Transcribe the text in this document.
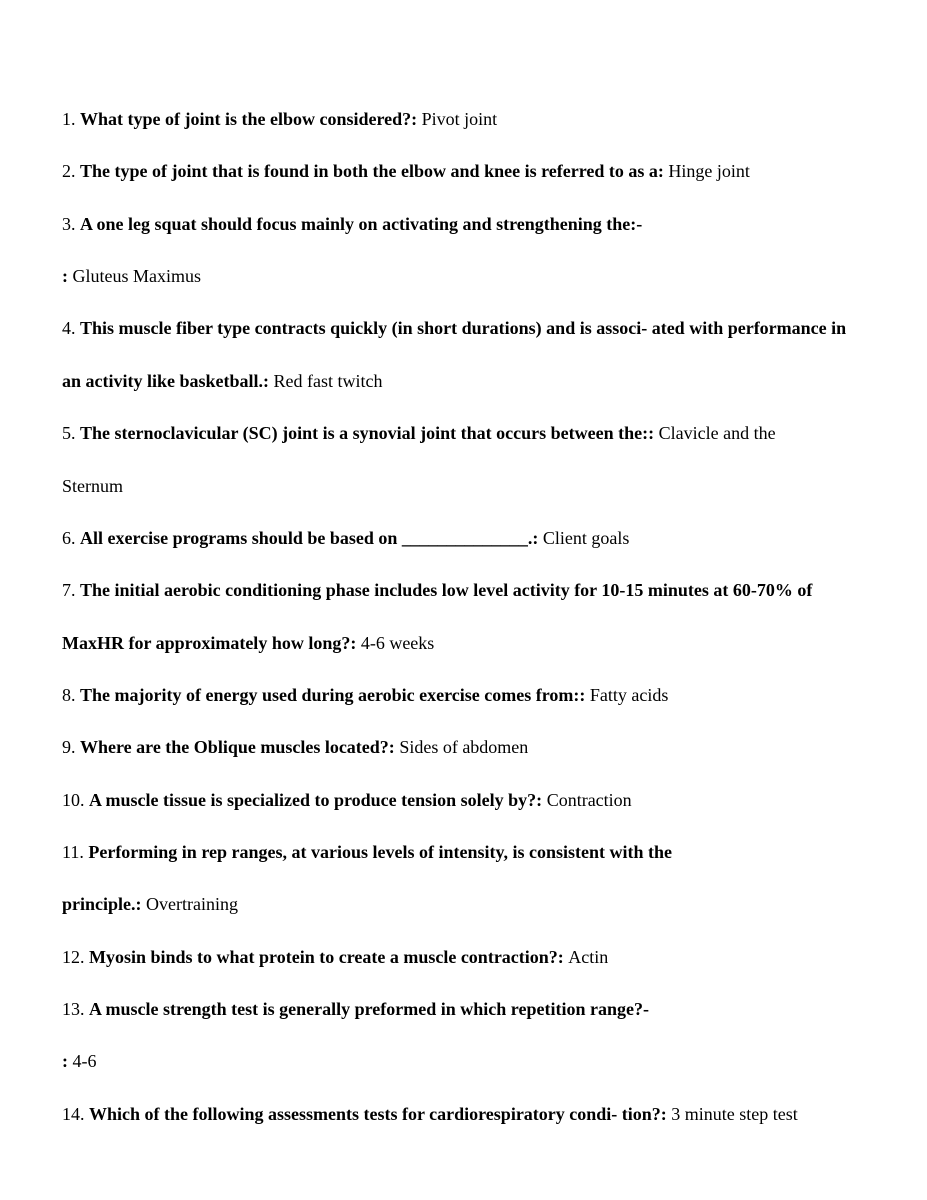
1. What type of joint is the elbow considered?: Pivot joint
2. The type of joint that is found in both the elbow and knee is referred to as a: Hinge joint
3. A one leg squat should focus mainly on activating and strengthening the:-
: Gluteus Maximus
4. This muscle fiber type contracts quickly (in short durations) and is associ- ated with performance in
an activity like basketball.: Red fast twitch
5. The sternoclavicular (SC) joint is a synovial joint that occurs between the:: Clavicle and the
Sternum
6. All exercise programs should be based on ______________.: Client goals
7. The initial aerobic conditioning phase includes low level activity for 10-15 minutes at 60-70% of
MaxHR for approximately how long?: 4-6 weeks
8. The majority of energy used during aerobic exercise comes from:: Fatty acids
9. Where are the Oblique muscles located?: Sides of abdomen
10. A muscle tissue is specialized to produce tension solely by?: Contraction
11. Performing in rep ranges, at various levels of intensity, is consistent with the
principle.: Overtraining
12. Myosin binds to what protein to create a muscle contraction?: Actin
13. A muscle strength test is generally preformed in which repetition range?-
: 4-6
14. Which of the following assessments tests for cardiorespiratory condi- tion?: 3 minute step test
